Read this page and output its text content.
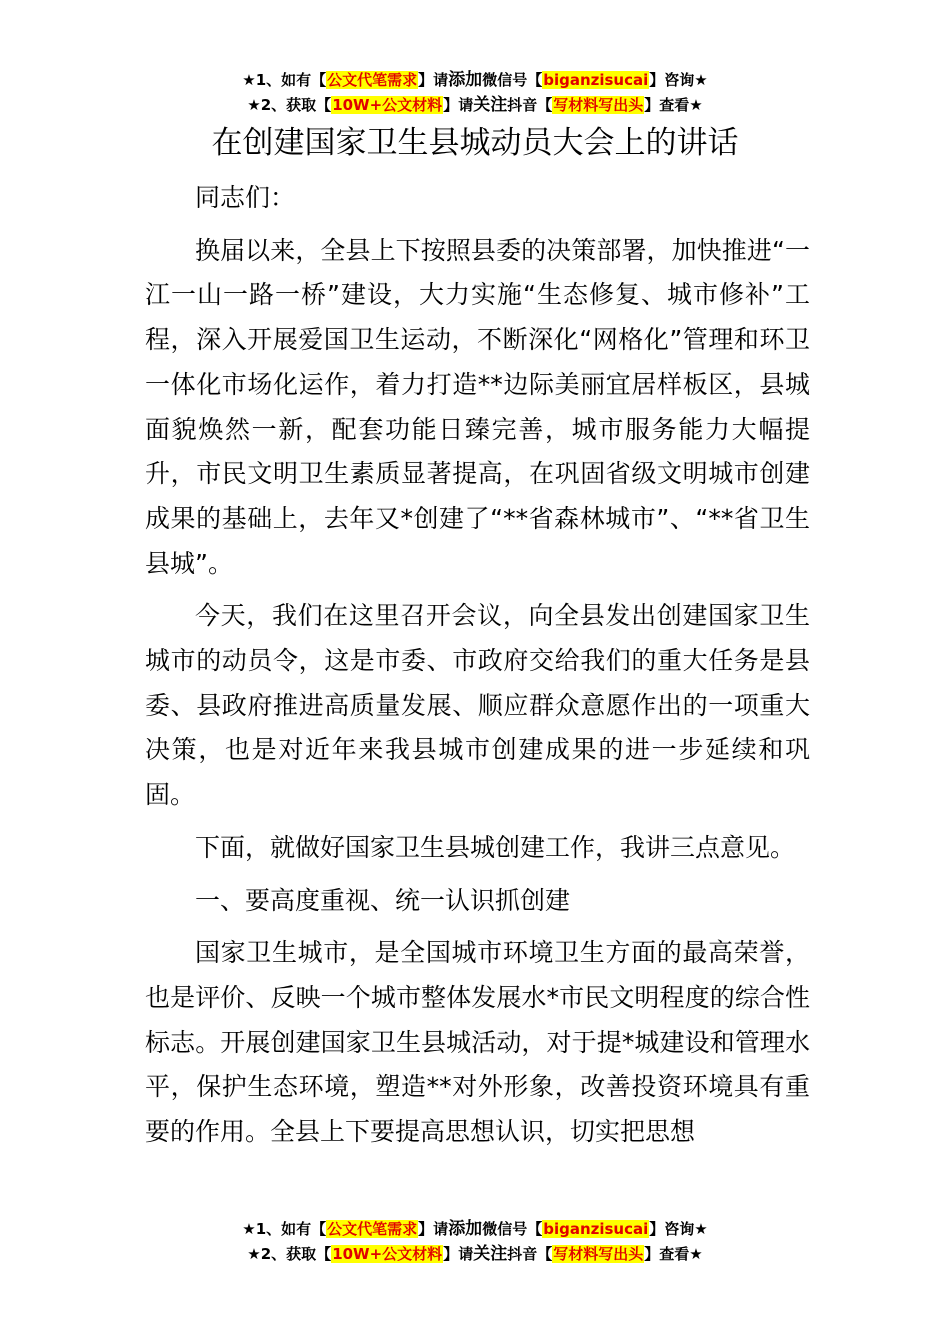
★1、如有【公文代笔需求】请添加微信号【biganzisucai】咨询★
★2、获取【10W+公文材料】请关注抖音【写材料写出头】查看★
在创建国家卫生县城动员大会上的讲话

同志们：

换届以来，全县上下按照县委的决策部署，加快推进“一江一山一路一桥”建设，大力实施“生态修复、城市修补”工程，深入开展爱国卫生运动，不断深化“网格化”管理和环卫一体化市场化运作，着力打造**边际美丽宜居样板区，县城面貌焕然一新，配套功能日臻完善，城市服务能力大幅提升，市民文明卫生素质显著提高，在巩固省级文明城市创建成果的基础上，去年又*创建了“**省森林城市”、“**省卫生县城”。

今天，我们在这里召开会议，向全县发出创建国家卫生城市的动员令，这是市委、市政府交给我们的重大任务是县委、县政府推进高质量发展、顺应群众意愿作出的一项重大决策，也是对近年来我县城市创建成果的进一步延续和巩固。

下面，就做好国家卫生县城创建工作，我讲三点意见。

一、要高度重视、统一认识抓创建

国家卫生城市，是全国城市环境卫生方面的最高荣誉，也是评价、反映一个城市整体发展水*市民文明程度的综合性标志。开展创建国家卫生县城活动，对于提*城建设和管理水平，保护生态环境，塑造**对外形象，改善投资环境具有重要的作用。全县上下要提高思想认识，切实把思想

★1、如有【公文代笔需求】请添加微信号【biganzisucai】咨询★
★2、获取【10W+公文材料】请关注抖音【写材料写出头】查看★
